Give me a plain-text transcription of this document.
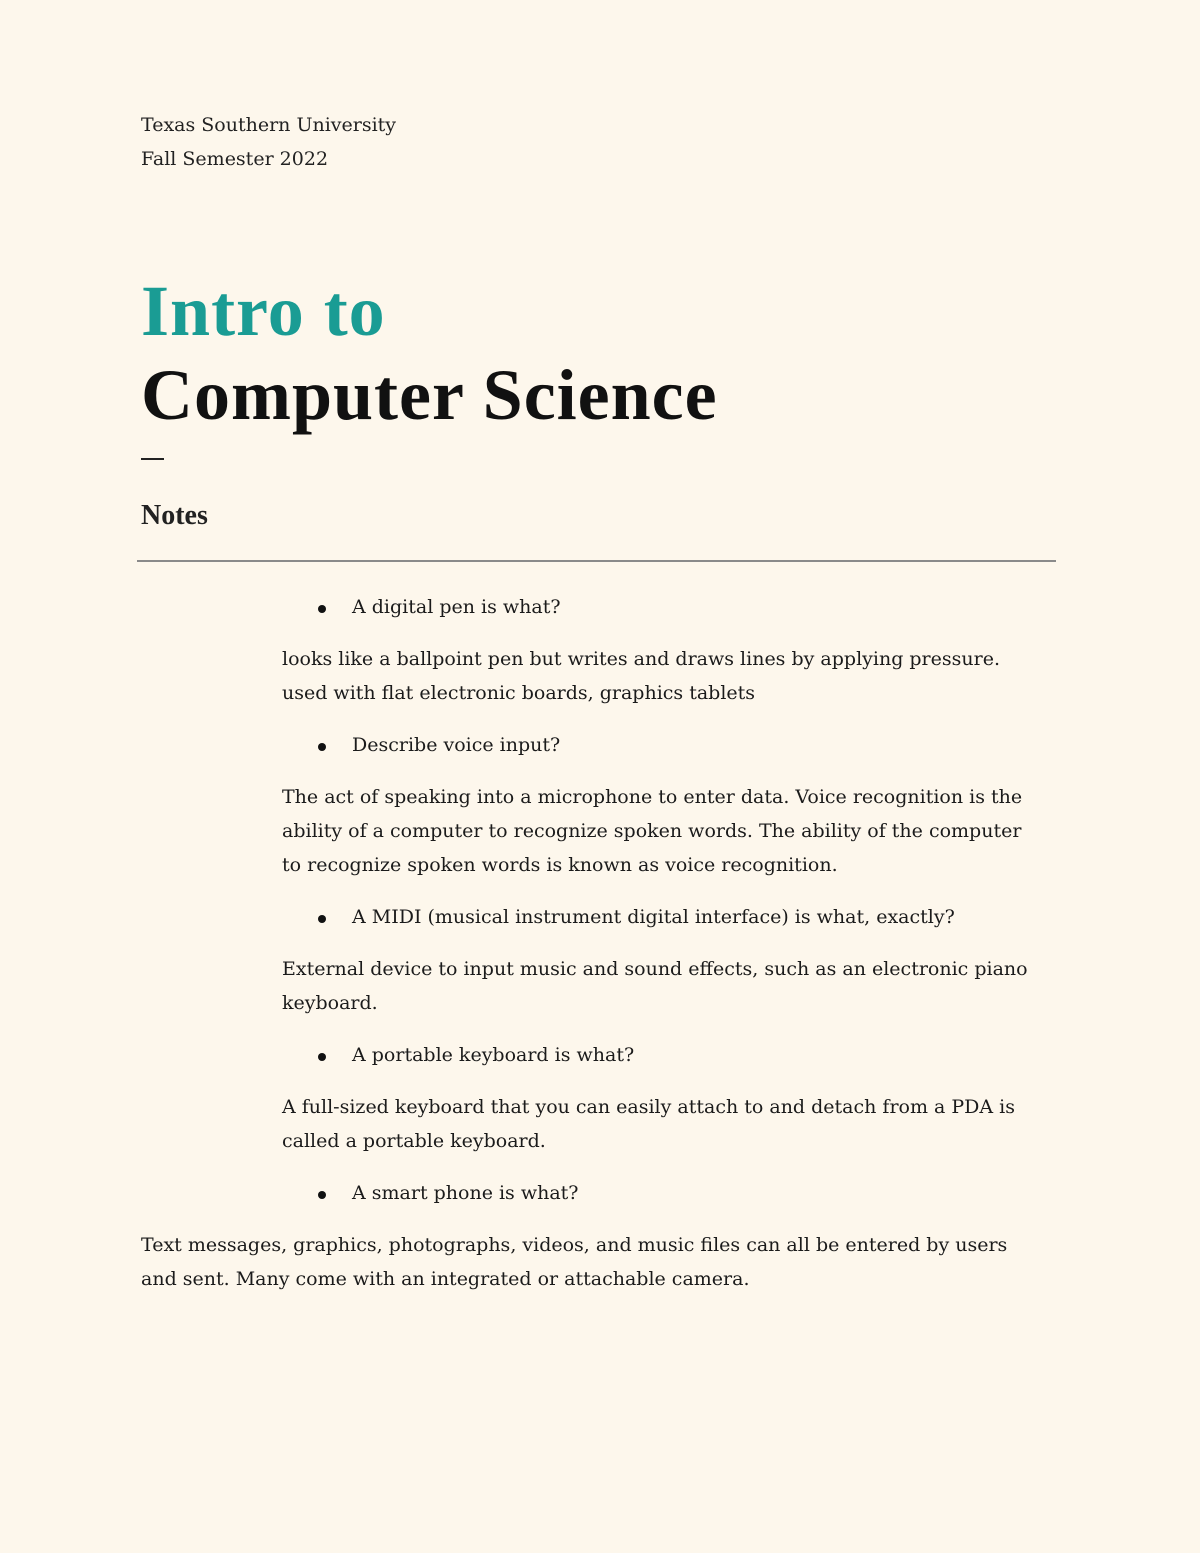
Texas Southern University
Fall Semester 2022
Intro to
Computer Science
Notes
A digital pen is what?
looks like a ballpoint pen but writes and draws lines by applying pressure. used with flat electronic boards, graphics tablets
Describe voice input?
The act of speaking into a microphone to enter data. Voice recognition is the ability of a computer to recognize spoken words. The ability of the computer to recognize spoken words is known as voice recognition.
A MIDI (musical instrument digital interface) is what, exactly?
External device to input music and sound effects, such as an electronic piano keyboard.
A portable keyboard is what?
A full-sized keyboard that you can easily attach to and detach from a PDA is called a portable keyboard.
A smart phone is what?
Text messages, graphics, photographs, videos, and music files can all be entered by users and sent. Many come with an integrated or attachable camera.
